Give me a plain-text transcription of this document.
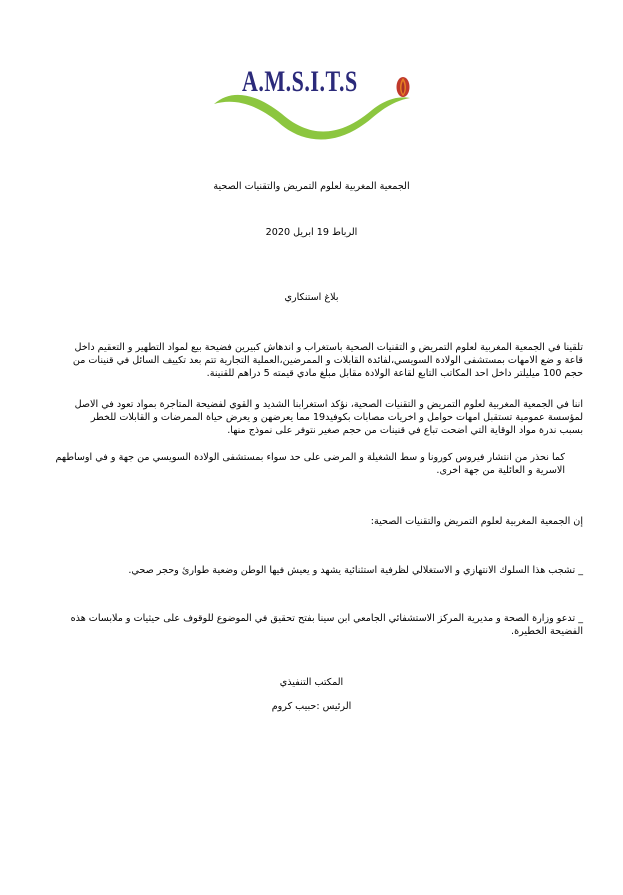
A.M.S.I.T.S
الجمعية المغربية لعلوم التمريض والتقنيات الصحية
الرباط 19 ابريل 2020
بلاغ استنكاري
تلقينا في الجمعية المغربية لعلوم التمريض و التقنيات الصحية باستغراب و اندهاش كبيرين فضيحة بيع لمواد التطهير و التعقيم داخل
قاعة و ضع الامهات بمستشفى الولادة السويسي،لفائدة القابلات و الممرضين،العملية التجارية تتم بعد تكييف السائل في قنينات من
حجم 100 ميليلتر داخل احد المكاتب التابع لقاعة الولادة مقابل مبلغ مادي قيمته 5 دراهم للقنينة.
اننا في الجمعية المغربية لعلوم التمريض و التقنيات الصحية، نؤكد استغرابنا الشديد و القوي لفضيحة المتاجرة بمواد تعود في الاصل
لمؤسسة عمومية تستقبل امهات حوامل و اخريات مصابات بكوفيد19 مما يعرضهن و يعرض حياة الممرضات و القابلات للخطر
بسبب ندرة مواد الوقاية التي اضحت تباع في قنينات من حجم صغير نتوفر على نموذج منها.
كما نحذر من انتشار فيروس كورونا و سط الشغيلة و المرضى على حد سواء بمستشفى الولادة السويسي من جهة و في اوساطهم
الاسرية و العائلية من جهة اخرى.
إن الجمعية المغربية لعلوم التمريض والتقنيات الصحية:
_ تشجب هذا السلوك الانتهازي و الاستغلالي لظرفية استثنائية يشهد و يعيش فيها الوطن وضعية طوارئ وحجر صحي.
_ تدعو وزارة الصحة و مديرية المركز الاستشفائي الجامعي ابن سينا بفتح تحقيق في الموضوع للوقوف على حيثيات و ملابسات هذه
الفضيحة الخطيرة.
المكتب التنفيذي
الرئيس :حبيب كروم
